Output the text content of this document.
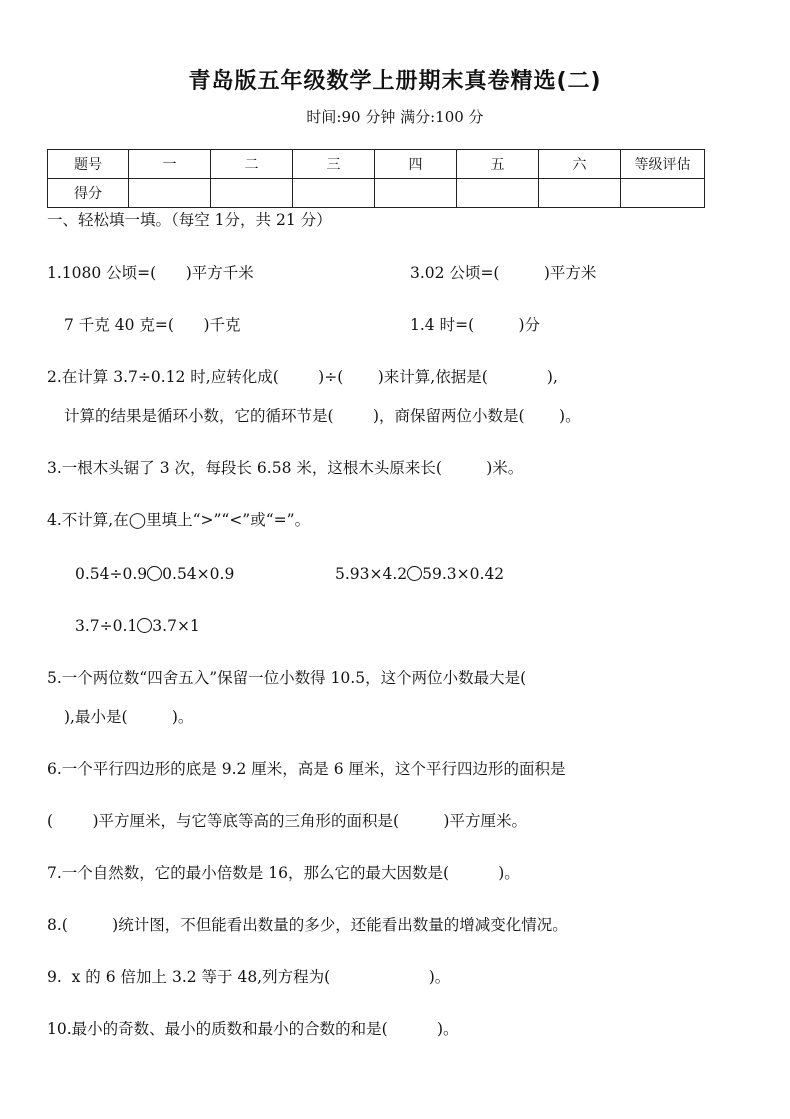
青岛版五年级数学上册期末真卷精选(二)
时间:90 分钟 满分:100 分
题号	一	二	三	四	五	六	等级评估
得分							
一、轻松填一填。（每空 1分，共 21 分）
1.1080 公顷=(      )平方千米	3.02 公顷=(         )平方米
7 千克 40 克=(      )千克	1.4 时=(         )分
2.在计算 3.7÷0.12 时,应转化成(        )÷(       )来计算,依据是(            ),
计算的结果是循环小数，它的循环节是(        )，商保留两位小数是(       )。
3.一根木头锯了 3 次，每段长 6.58 米，这根木头原来长(         )米。
4.不计算,在◯里填上“>”“<”或“=”。
0.54÷0.9 0.54×0.9	5.93×4.2 59.3×0.42
3.7÷0.1 3.7×1
5.一个两位数“四舍五入”保留一位小数得 10.5，这个两位小数最大是(
),最小是(         )。
6.一个平行四边形的底是 9.2 厘米，高是 6 厘米，这个平行四边形的面积是
(        )平方厘米，与它等底等高的三角形的面积是(         )平方厘米。
7.一个自然数，它的最小倍数是 16，那么它的最大因数是(          )。
8.(         )统计图，不但能看出数量的多少，还能看出数量的增减变化情况。
9.  x 的 6 倍加上 3.2 等于 48,列方程为(                    )。
10.最小的奇数、最小的质数和最小的合数的和是(          )。
